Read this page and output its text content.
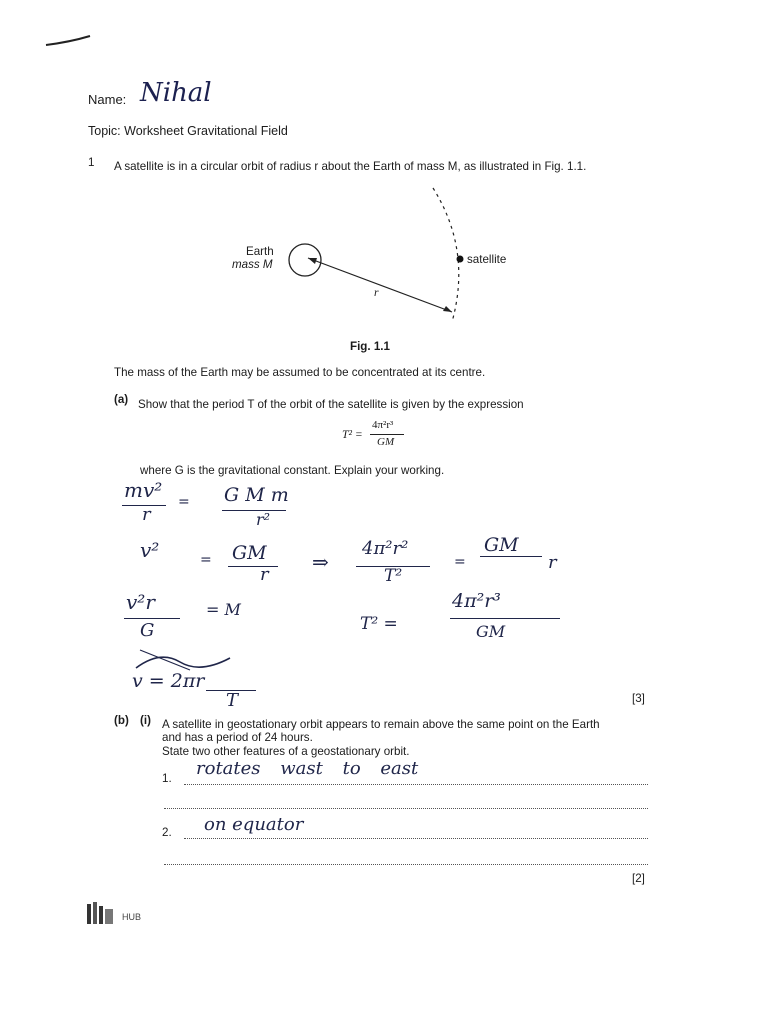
Name: Nihal
Topic: Worksheet Gravitational Field
1 A satellite is in a circular orbit of radius r about the Earth of mass M, as illustrated in Fig. 1.1.
Earth
mass M	satellite
r
Fig. 1.1
The mass of the Earth may be assumed to be concentrated at its centre.
(a) Show that the period T of the orbit of the satellite is given by the expression
T² =
4π²r³
GM
where G is the gravitational constant. Explain your working.
mv²
r
= G M m
r²
v²	= GM
r
⇒
4π²r²
T²
=
GM
r
v²r
G
= M
T² =
4π²r³
GM
v = 2πr
T	[3]
(b) (i) A satellite in geostationary orbit appears to remain above the same point on the Earth
and has a period of 24 hours.
State two other features of a geostationary orbit.
1. rotates wast to east
2. on equator
[2]
HUB
